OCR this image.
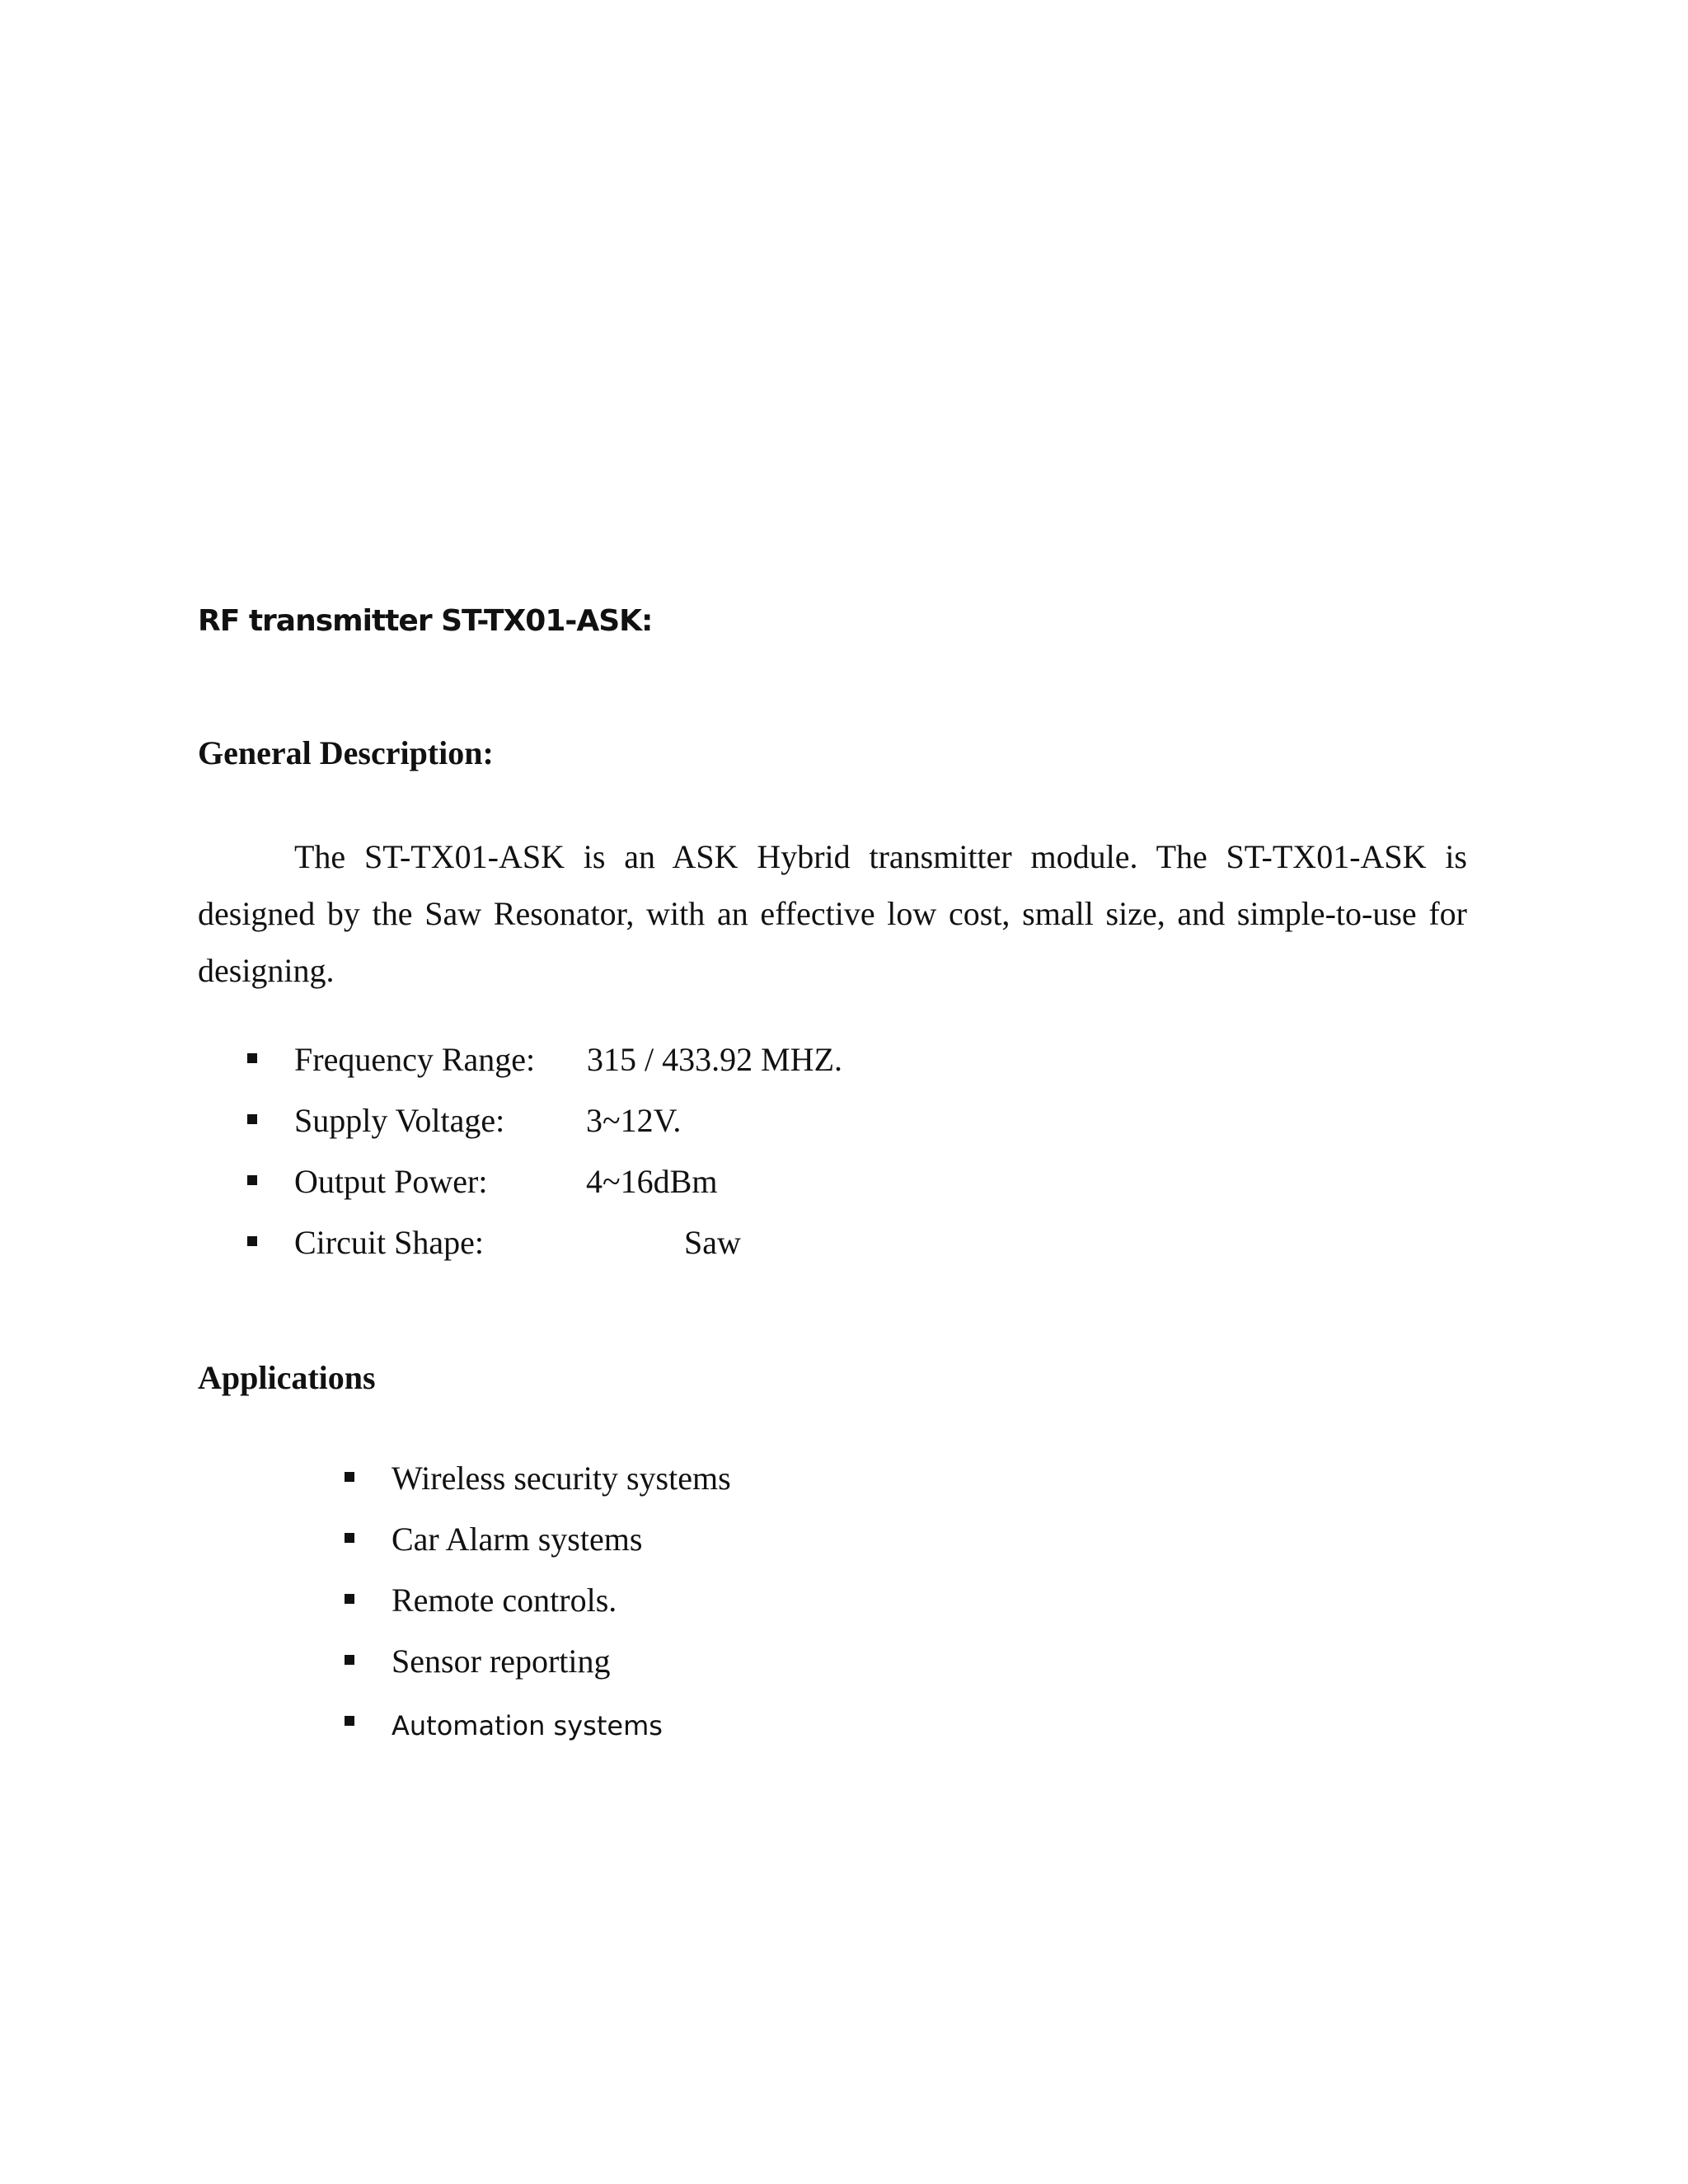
RF transmitter ST-TX01-ASK:
General Description:

The ST-TX01-ASK is an ASK Hybrid transmitter module. The ST-TX01-ASK is designed by the Saw Resonator, with an effective low cost, small size, and simple-to-use for designing.

Frequency Range: 315 / 433.92 MHZ.
Supply Voltage: 3~12V.
Output Power:	4~16dBm
Circuit Shape:	Saw
Applications
Wireless security systems
Car Alarm systems
Remote controls.
Sensor reporting
Automation systems
